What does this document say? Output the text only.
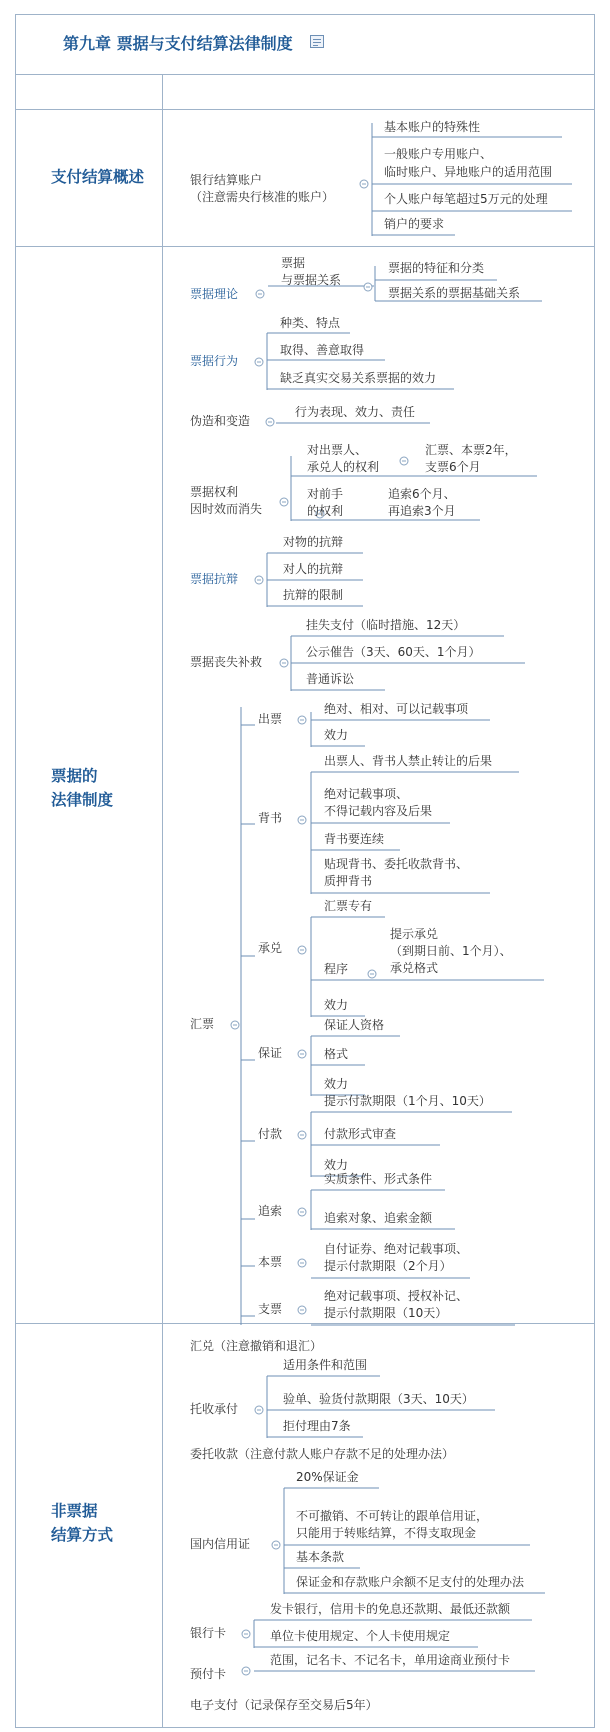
第九章 票据与支付结算法律制度
支付结算概述
票据的
法律制度
非票据
结算方式
银行结算账户
（注意需央行核准的账户）
基本账户的特殊性
一般账户专用账户、
临时账户、异地账户的适用范围
个人账户每笔超过5万元的处理
销户的要求
票据理论
票据
与票据关系
票据的特征和分类
票据关系的票据基础关系
票据行为
种类、特点
取得、善意取得
缺乏真实交易关系票据的效力
伪造和变造
行为表现、效力、责任
票据权利
因时效而消失
对出票人、
承兑人的权利
汇票、本票2年，
支票6个月
对前手
的权利
追索6个月、
再追索3个月
票据抗辩
对物的抗辩
对人的抗辩
抗辩的限制
票据丧失补救
挂失支付（临时措施、12天）
公示催告（3天、60天、1个月）
普通诉讼
汇票
出票
绝对、相对、可以记载事项
效力
背书
出票人、背书人禁止转让的后果
绝对记载事项、
不得记载内容及后果
背书要连续
贴现背书、委托收款背书、
质押背书
承兑
汇票专有
程序
提示承兑
（到期日前、1个月）、
承兑格式
效力
保证
保证人资格
格式
效力
付款
提示付款期限（1个月、10天）
付款形式审查
效力
追索
实质条件、形式条件
追索对象、追索金额
本票
自付证券、绝对记载事项、
提示付款期限（2个月）
支票
绝对记载事项、授权补记、
提示付款期限（10天）
汇兑（注意撤销和退汇）
托收承付
适用条件和范围
验单、验货付款期限（3天、10天）
拒付理由7条
委托收款（注意付款人账户存款不足的处理办法）
国内信用证
20%保证金
不可撤销、不可转让的跟单信用证，
只能用于转账结算，不得支取现金
基本条款
保证金和存款账户余额不足支付的处理办法
银行卡
发卡银行，信用卡的免息还款期、最低还款额
单位卡使用规定、个人卡使用规定
预付卡
范围，记名卡、不记名卡，单用途商业预付卡
电子支付（记录保存至交易后5年）
